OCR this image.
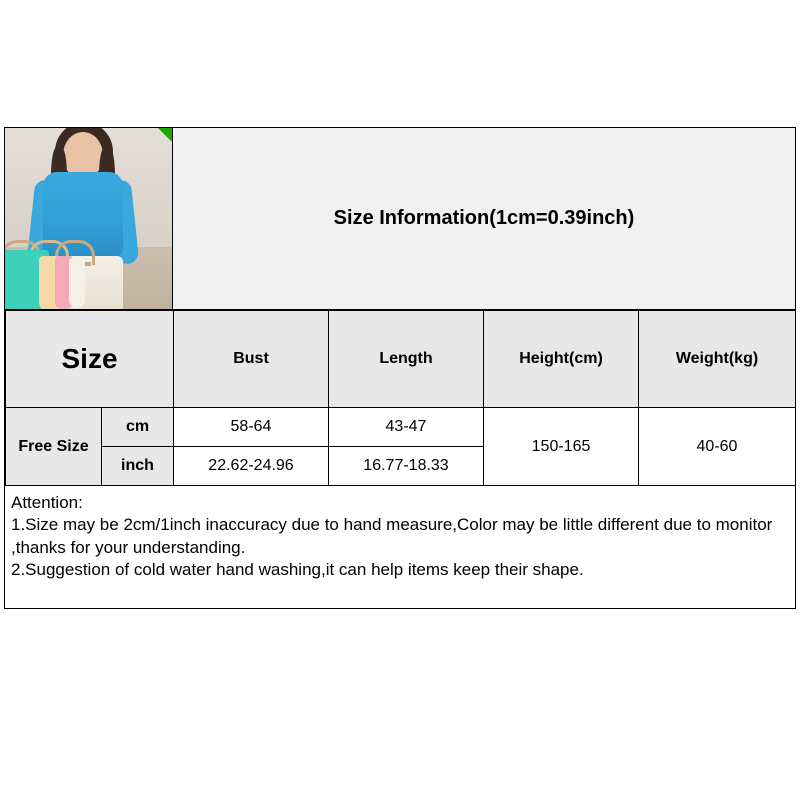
Size Information(1cm=0.39inch)
Size		Bust	Length	Height(cm)	Weight(kg)
Free Size	cm	58-64	43-47	150-165	40-60
	inch	22.62-24.96	16.77-18.33		

Attention:

1.Size may be 2cm/1inch inaccuracy due to hand measure,Color may be little different due to monitor ,thanks for your understanding.

2.Suggestion of cold water hand washing,it can help items keep their shape.
